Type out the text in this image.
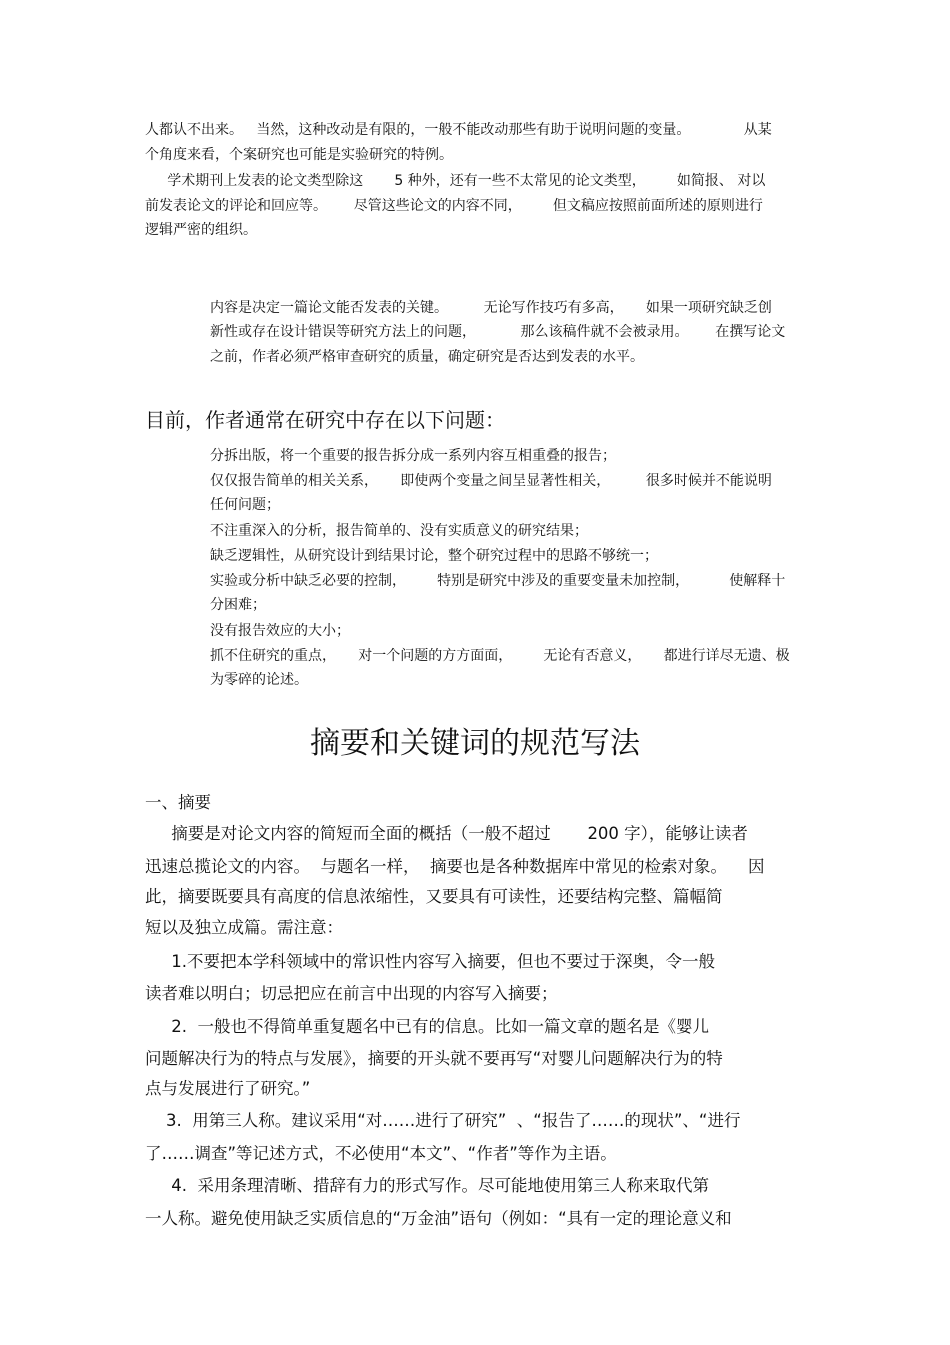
人都认不出来。   当然，这种改动是有限的，一般不能改动那些有助于说明问题的变量。            从某

个角度来看，个案研究也可能是实验研究的特例。

学术期刊上发表的论文类型除这       5 种外，还有一些不太常见的论文类型，       如简报、 对以

前发表论文的评论和回应等。      尽管这些论文的内容不同，       但文稿应按照前面所述的原则进行

逻辑严密的组织。

内容是决定一篇论文能否发表的关键。        无论写作技巧有多高，     如果一项研究缺乏创

新性或存在设计错误等研究方法上的问题，          那么该稿件就不会被录用。      在撰写论文

之前，作者必须严格审查研究的质量，确定研究是否达到发表的水平。

目前，作者通常在研究中存在以下问题：

分拆出版，将一个重要的报告拆分成一系列内容互相重叠的报告；

仅仅报告简单的相关关系，     即使两个变量之间呈显著性相关，        很多时候并不能说明

任何问题；

不注重深入的分析，报告简单的、没有实质意义的研究结果；

缺乏逻辑性，从研究设计到结果讨论，整个研究过程中的思路不够统一；

实验或分析中缺乏必要的控制，       特别是研究中涉及的重要变量未加控制，         使解释十

分困难；

没有报告效应的大小；

抓不住研究的重点，     对一个问题的方方面面，       无论有否意义，     都进行详尽无遗、极

为零碎的论述。

摘要和关键词的规范写法

一、摘要

摘要是对论文内容的简短而全面的概括（一般不超过       200 字），能够让读者

迅速总揽论文的内容。  与题名一样，  摘要也是各种数据库中常见的检索对象。    因

此，摘要既要具有高度的信息浓缩性，又要具有可读性，还要结构完整、篇幅简

短以及独立成篇。需注意：

1.不要把本学科领域中的常识性内容写入摘要，但也不要过于深奥，令一般

读者难以明白；切忌把应在前言中出现的内容写入摘要；

2.  一般也不得简单重复题名中已有的信息。比如一篇文章的题名是《婴儿

问题解决行为的特点与发展》，摘要的开头就不要再写“对婴儿问题解决行为的特

点与发展进行了研究。”

3.  用第三人称。建议采用“对……进行了研究”  、“报告了……的现状”、“进行

了……调查”等记述方式，不必使用“本文”、“作者”等作为主语。

4.  采用条理清晰、措辞有力的形式写作。尽可能地使用第三人称来取代第

一人称。避免使用缺乏实质信息的“万金油”语句（例如：“具有一定的理论意义和
